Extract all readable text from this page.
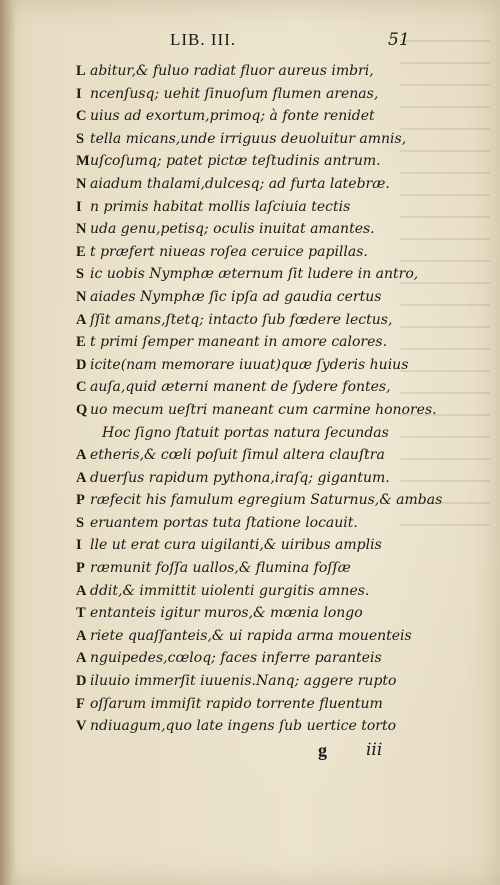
LIB. III.	51
L abitur,& fuluo radiat fluor aureus imbri,
I ncenſusq; uehit ſinuoſum flumen arenas,
C uius ad exortum,primoq; à fonte renidet
S tella micans,unde irriguus deuoluitur amnis,
Muſcoſumq; patet pictæ teſtudinis antrum.
N aiadum thalami,dulcesq; ad furta latebræ.
I n primis habitat mollis laſciuia tectis
N uda genu,petisq; oculis inuitat amantes.
E t præfert niueas roſea ceruice papillas.
S ic uobis Nymphæ æternum ſit ludere in antro,
N aiades Nymphæ ſic ipſa ad gaudia certus
A ſſit amans,ſtetq; intacto ſub fœdere lectus,
E t primi ſemper maneant in amore calores.
D icite(nam memorare iuuat)quæ ſyderis huius
C auſa,quid æterni manent de ſydere fontes,
Q uo mecum ueſtri maneant cum carmine honores.
Hoc ſigno ſtatuit portas natura ſecundas
A etheris,& cœli poſuit ſimul altera clauſtra
A duerſus rapidum pythona,iraſq; gigantum.
P ræfecit his famulum egregium Saturnus,& ambas
S eruantem portas tuta ſtatione locauit.
I lle ut erat cura uigilanti,& uiribus amplis
P ræmunit foſſa uallos,& flumina foſſæ
A ddit,& immittit uiolenti gurgitis amnes.
T entanteis igitur muros,& mœnia longo
A riete quaſſanteis,& ui rapida arma mouenteis
A nguipedes,cœloq; faces inferre paranteis
D iluuio immerſit iuuenis.Nanq; aggere rupto
F oſſarum immiſit rapido torrente fluentum
V ndiuagum,quo late ingens ſub uertice torto
g iii
